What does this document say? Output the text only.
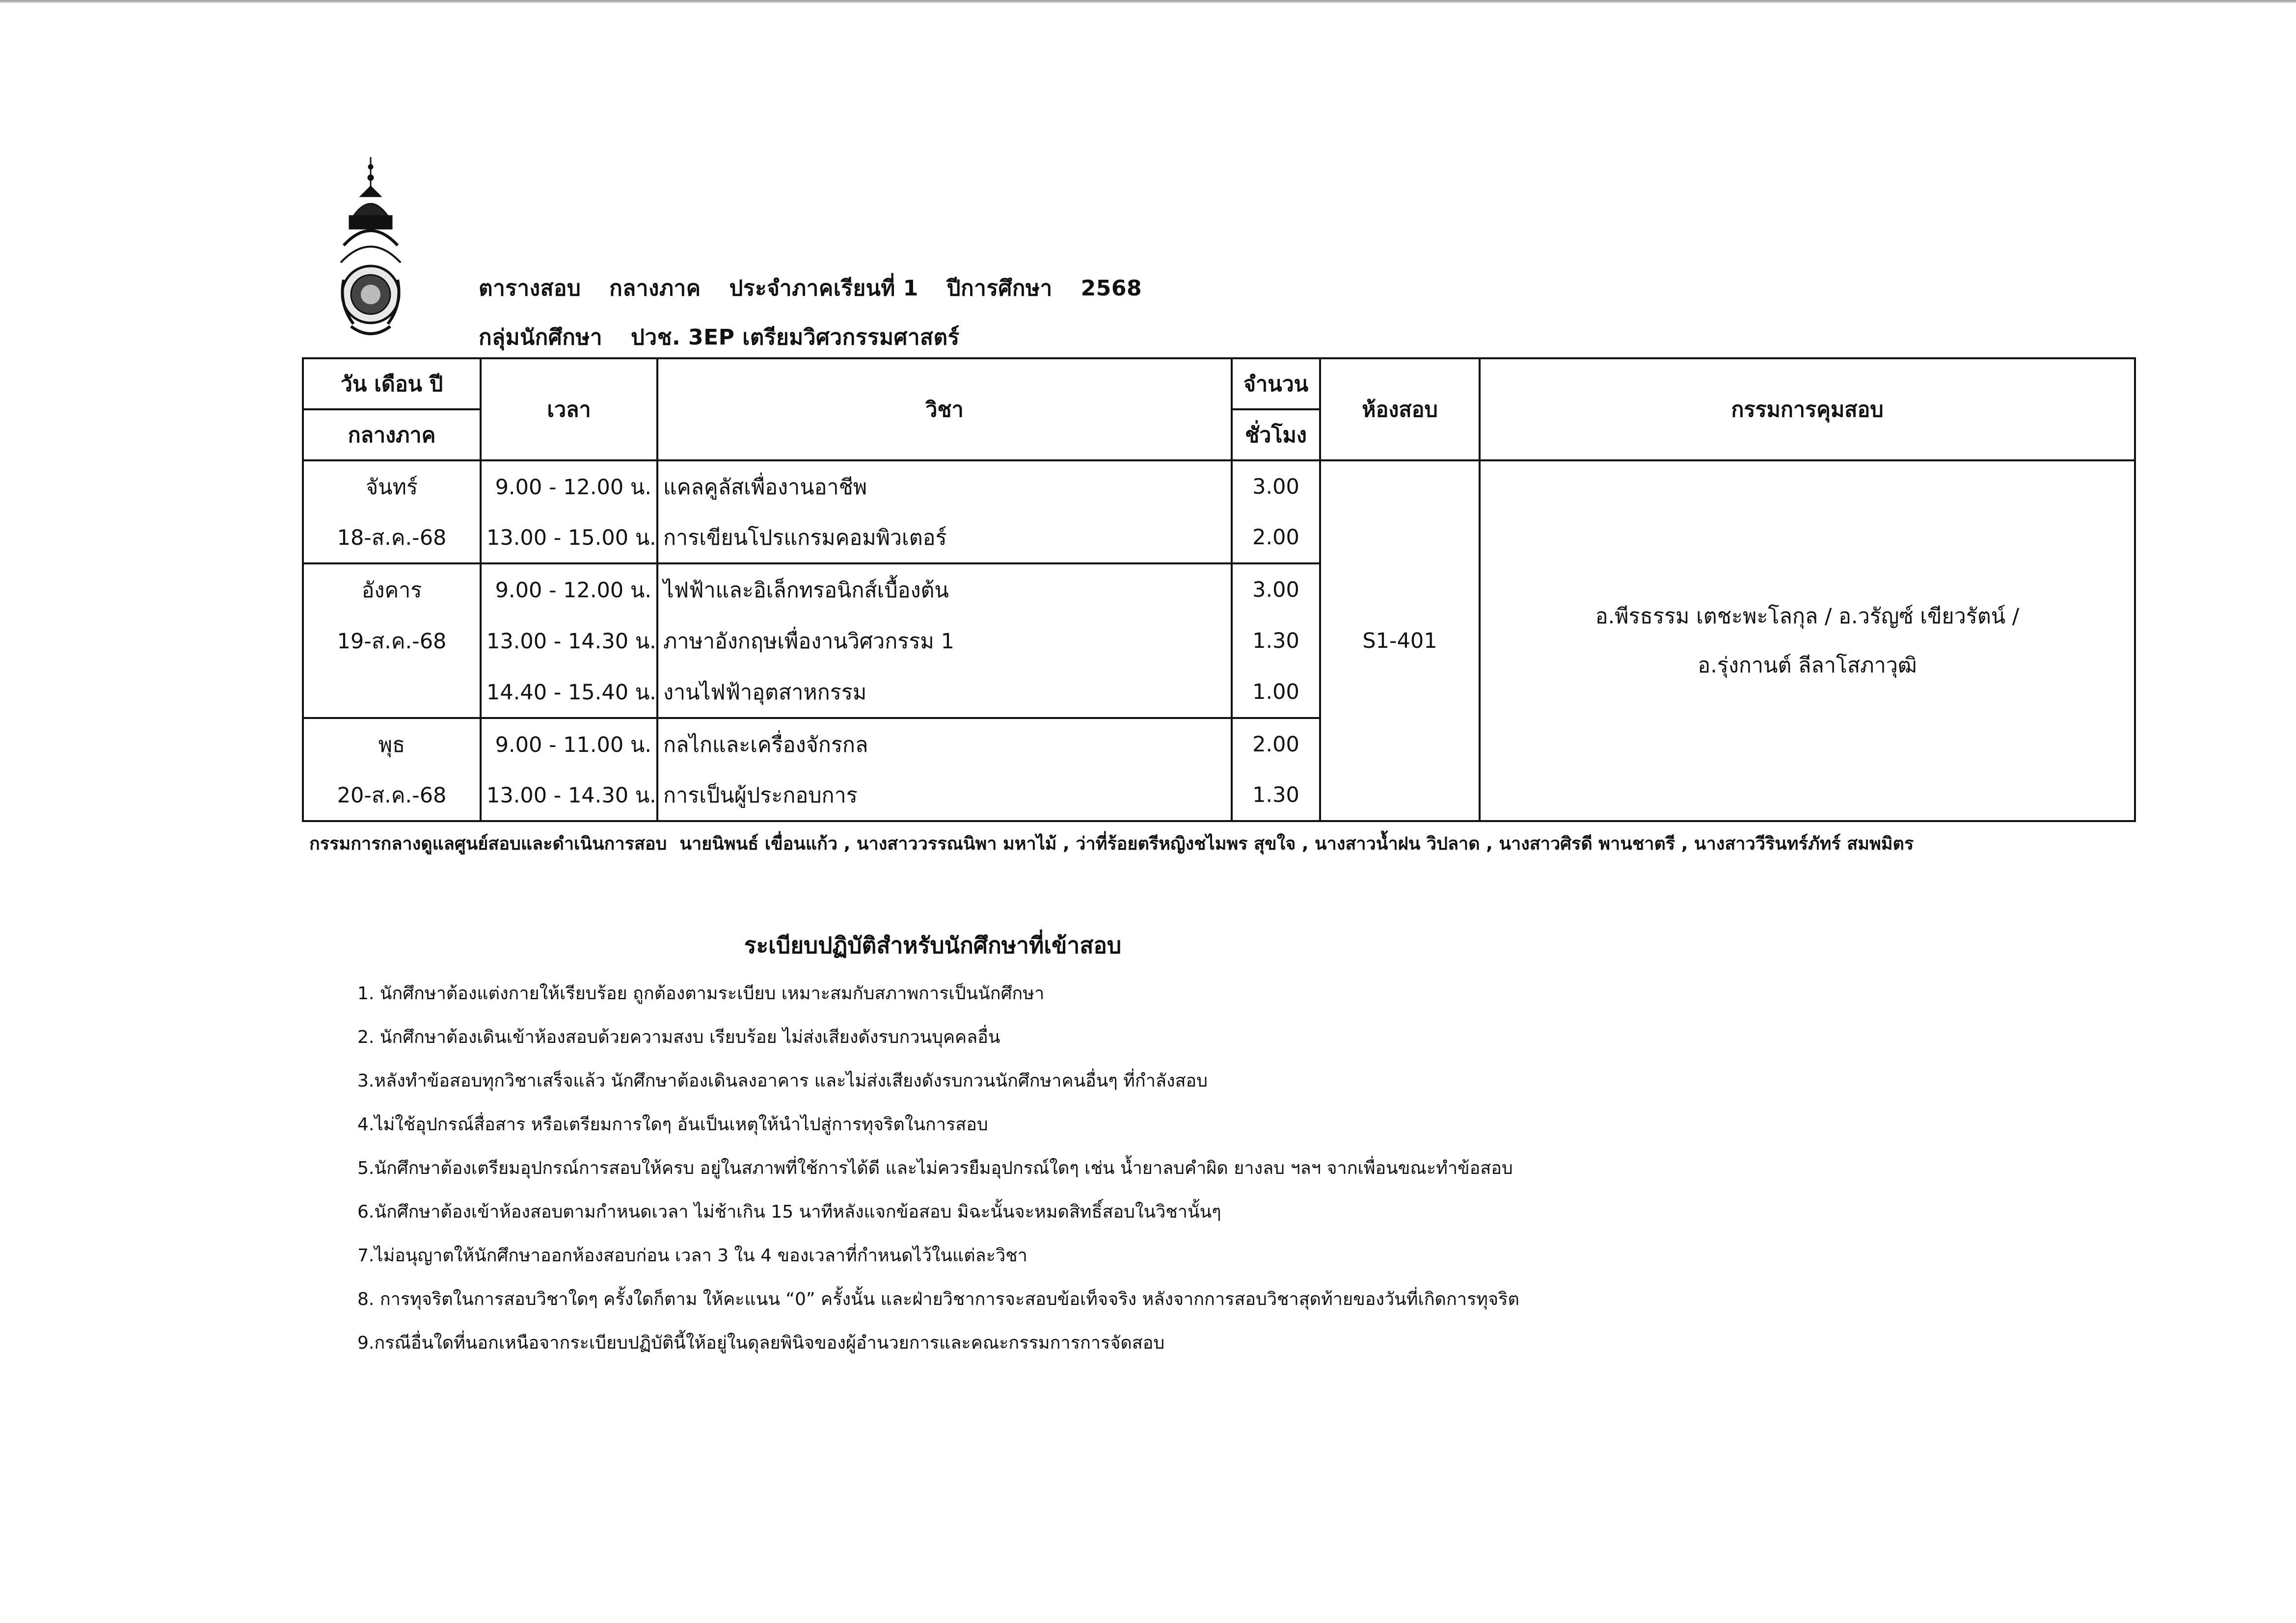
ตารางสอบ กลางภาค ประจำภาคเรียนที่ 1 ปีการศึกษา 2568
กลุ่มนักศึกษา ปวช. 3EP เตรียมวิศวกรรมศาสตร์
วัน เดือน ปี	เวลา	วิชา	จำนวน	ห้องสอบ	กรรมการคุมสอบ
กลางภาค			ชั่วโมง		
จันทร์	9.00 - 12.00 น.	แคลคูลัสเพื่องานอาชีพ	3.00	S1-401	อ.พีรธรรม เตชะพะโลกุล / อ.วรัญซ์ เขียวรัตน์ /
อ.รุ่งกานต์ ลีลาโสภาวุฒิ

18-ส.ค.-68	13.00 - 15.00 น.	การเขียนโปรแกรมคอมพิวเตอร์	2.00		
อังคาร	9.00 - 12.00 น.	ไฟฟ้าและอิเล็กทรอนิกส์เบื้องต้น	3.00		
19-ส.ค.-68	13.00 - 14.30 น.	ภาษาอังกฤษเพื่องานวิศวกรรม 1	1.30		
	14.40 - 15.40 น.	งานไฟฟ้าอุตสาหกรรม	1.00		
พุธ	9.00 - 11.00 น.	กลไกและเครื่องจักรกล	2.00		
20-ส.ค.-68	13.00 - 14.30 น.	การเป็นผู้ประกอบการ	1.30		
กรรมการกลางดูแลศูนย์สอบและดำเนินการสอบ นายนิพนธ์ เขื่อนแก้ว , นางสาววรรณนิพา มหาไม้ , ว่าที่ร้อยตรีหญิงชไมพร สุขใจ , นางสาวน้ำฝน วิปลาด , นางสาวศิรดี พานชาตรี , นางสาววีรินทร์ภัทร์ สมพมิตร
ระเบียบปฏิบัติสำหรับนักศึกษาที่เข้าสอบ
1. นักศึกษาต้องแต่งกายให้เรียบร้อย ถูกต้องตามระเบียบ เหมาะสมกับสภาพการเป็นนักศึกษา
2. นักศึกษาต้องเดินเข้าห้องสอบด้วยความสงบ เรียบร้อย ไม่ส่งเสียงดังรบกวนบุคคลอื่น
3.หลังทำข้อสอบทุกวิชาเสร็จแล้ว นักศึกษาต้องเดินลงอาคาร และไม่ส่งเสียงดังรบกวนนักศึกษาคนอื่นๆ ที่กำลังสอบ
4.ไม่ใช้อุปกรณ์สื่อสาร หรือเตรียมการใดๆ อันเป็นเหตุให้นำไปสู่การทุจริตในการสอบ
5.นักศึกษาต้องเตรียมอุปกรณ์การสอบให้ครบ อยู่ในสภาพที่ใช้การได้ดี และไม่ควรยืมอุปกรณ์ใดๆ เช่น น้ำยาลบคำผิด ยางลบ ฯลฯ จากเพื่อนขณะทำข้อสอบ
6.นักศึกษาต้องเข้าห้องสอบตามกำหนดเวลา ไม่ช้าเกิน 15 นาทีหลังแจกข้อสอบ มิฉะนั้นจะหมดสิทธิ์สอบในวิชานั้นๆ
7.ไม่อนุญาตให้นักศึกษาออกห้องสอบก่อน เวลา 3 ใน 4 ของเวลาที่กำหนดไว้ในแต่ละวิชา
8. การทุจริตในการสอบวิชาใดๆ ครั้งใดก็ตาม ให้คะแนน “0” ครั้งนั้น และฝ่ายวิชาการจะสอบข้อเท็จจริง หลังจากการสอบวิชาสุดท้ายของวันที่เกิดการทุจริต
9.กรณีอื่นใดที่นอกเหนือจากระเบียบปฏิบัตินี้ให้อยู่ในดุลยพินิจของผู้อำนวยการและคณะกรรมการการจัดสอบ
